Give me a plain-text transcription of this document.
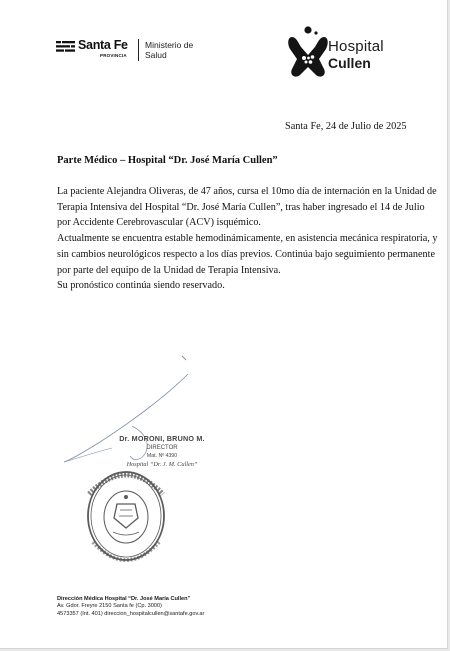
Santa Fe
PROVINCIA
Ministerio de
Salud	Hospital
Cullen
Santa Fe, 24 de Julio de 2025
Parte Médico – Hospital “Dr. José María Cullen”

La paciente Alejandra Oliveras, de 47 años, cursa el 10mo día de internación en la Unidad de

Terapia Intensiva del Hospital “Dr. José María Cullen”, tras haber ingresado el 14 de Julio

por Accidente Cerebrovascular (ACV) isquémico.

Actualmente se encuentra estable hemodinámicamente, en asistencia mecánica respiratoria, y

sin cambios neurológicos respecto a los días previos. Continúa bajo seguimiento permanente

por parte del equipo de la Unidad de Terapia Intensiva.

Su pronóstico continúa siendo reservado.

Dr. MORONI, BRUNO M.
DIRECTOR
Mat. Nº 4390
Hospital “Dr. J. M. Cullen”
Dirección Médica Hospital “Dr. José María Cullen”
Av. Gdor. Freyre 2150 Santa fe (Cp. 3000)
4573357 (Int. 401) direccion_hospitalcullen@santafe.gov.ar
